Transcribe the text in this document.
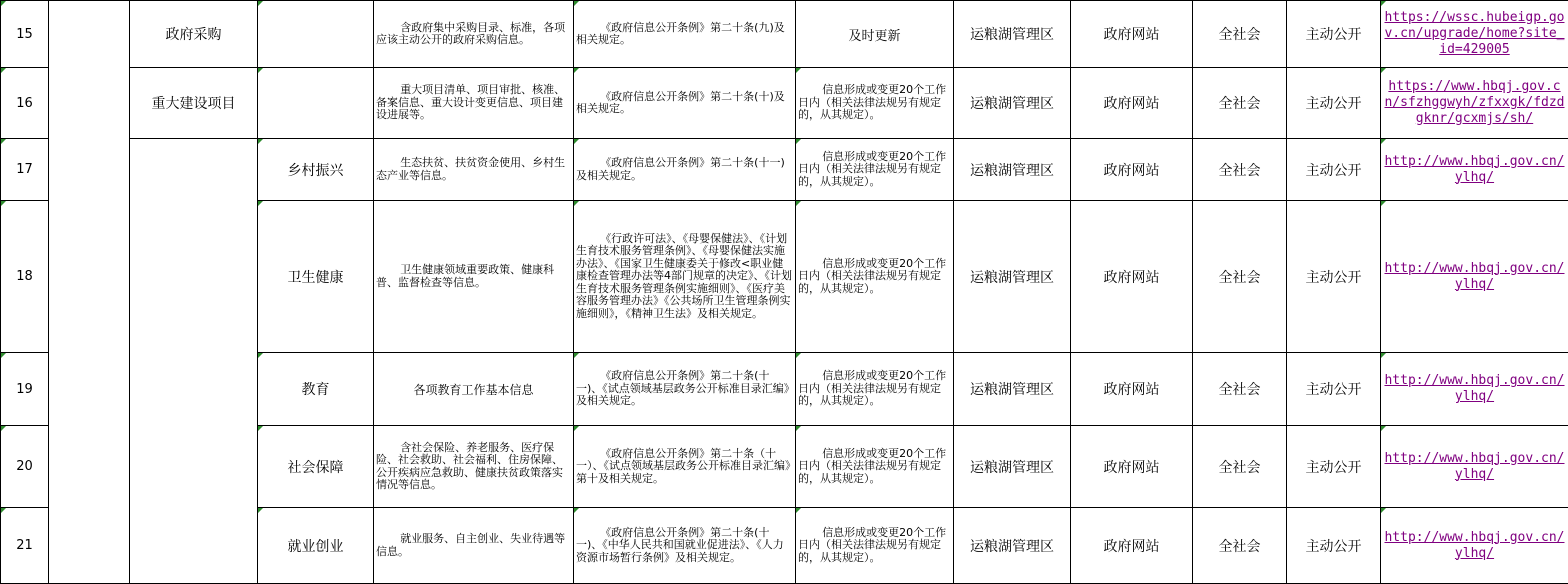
15		政府采购		含政府集中采购目录、标准，各项应该主动公开的政府采购信息。	《政府信息公开条例》第二十条(九)及相关规定。	及时更新	运粮湖管理区	政府网站	全社会	主动公开	https://wssc.hubeigp.gov.cn/upgrade/home?site_id=429005
16		重大建设项目		重大项目清单、项目审批、核准、备案信息、重大设计变更信息、项目建设进展等。	《政府信息公开条例》第二十条(十)及相关规定。	信息形成或变更20个工作日内（相关法律法规另有规定的，从其规定）。	运粮湖管理区	政府网站	全社会	主动公开	https://www.hbqj.gov.cn/sfzhggwyh/zfxxgk/fdzdgknr/gcxmjs/sh/
17			乡村振兴	生态扶贫、扶贫资金使用、乡村生态产业等信息。	《政府信息公开条例》第二十条(十一)及相关规定。	信息形成或变更20个工作日内（相关法律法规另有规定的，从其规定）。	运粮湖管理区	政府网站	全社会	主动公开	http://www.hbqj.gov.cn/ylhq/
18			卫生健康	卫生健康领域重要政策、健康科普、监督检查等信息。	《行政许可法》、《母婴保健法》、《计划生育技术服务管理条例》、《母婴保健法实施办法》、《国家卫生健康委关于修改<职业健康检查管理办法等4部门规章的决定》、《计划生育技术服务管理条例实施细则》、《医疗美容服务管理办法》《公共场所卫生管理条例实施细则》，《精神卫生法》及相关规定。	信息形成或变更20个工作日内（相关法律法规另有规定的，从其规定）。	运粮湖管理区	政府网站	全社会	主动公开	http://www.hbqj.gov.cn/ylhq/
19			教育	各项教育工作基本信息	《政府信息公开条例》第二十条(十一)、《试点领域基层政务公开标准目录汇编》及相关规定。	信息形成或变更20个工作日内（相关法律法规另有规定的，从其规定）。	运粮湖管理区	政府网站	全社会	主动公开	http://www.hbqj.gov.cn/ylhq/
20			社会保障	含社会保险、养老服务、医疗保险、社会救助、社会福利、住房保障、公开疾病应急救助、健康扶贫政策落实情况等信息。	《政府信息公开条例》第二十条（十一）、《试点领域基层政务公开标准目录汇编》第十及相关规定。	信息形成或变更20个工作日内（相关法律法规另有规定的，从其规定）。	运粮湖管理区	政府网站	全社会	主动公开	http://www.hbqj.gov.cn/ylhq/
21			就业创业	就业服务、自主创业、失业待遇等信息。	《政府信息公开条例》第二十条(十一)、《中华人民共和国就业促进法》、《人力资源市场暂行条例》及相关规定。	信息形成或变更20个工作日内（相关法律法规另有规定的，从其规定）。	运粮湖管理区	政府网站	全社会	主动公开	http://www.hbqj.gov.cn/ylhq/
